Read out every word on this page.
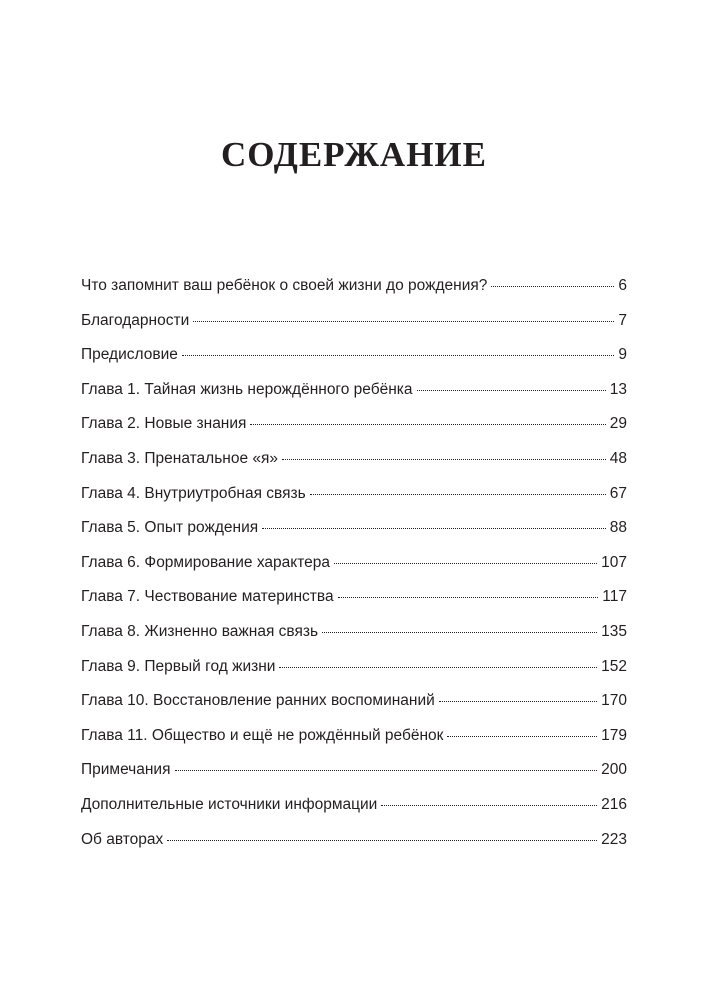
СОДЕРЖАНИЕ
Что запомнит ваш ребёнок о своей жизни до рождения?	6
Благодарности	7
Предисловие	9
Глава 1. Тайная жизнь нерождённого ребёнка	13
Глава 2. Новые знания	29
Глава 3. Пренатальное «я»	48
Глава 4. Внутриутробная связь	67
Глава 5. Опыт рождения	88
Глава 6. Формирование характера	107
Глава 7. Чествование материнства	117
Глава 8. Жизненно важная связь	135
Глава 9. Первый год жизни	152
Глава 10. Восстановление ранних воспоминаний	170
Глава 11. Общество и ещё не рождённый ребёнок	179
Примечания	200
Дополнительные источники информации	216
Об авторах	223
